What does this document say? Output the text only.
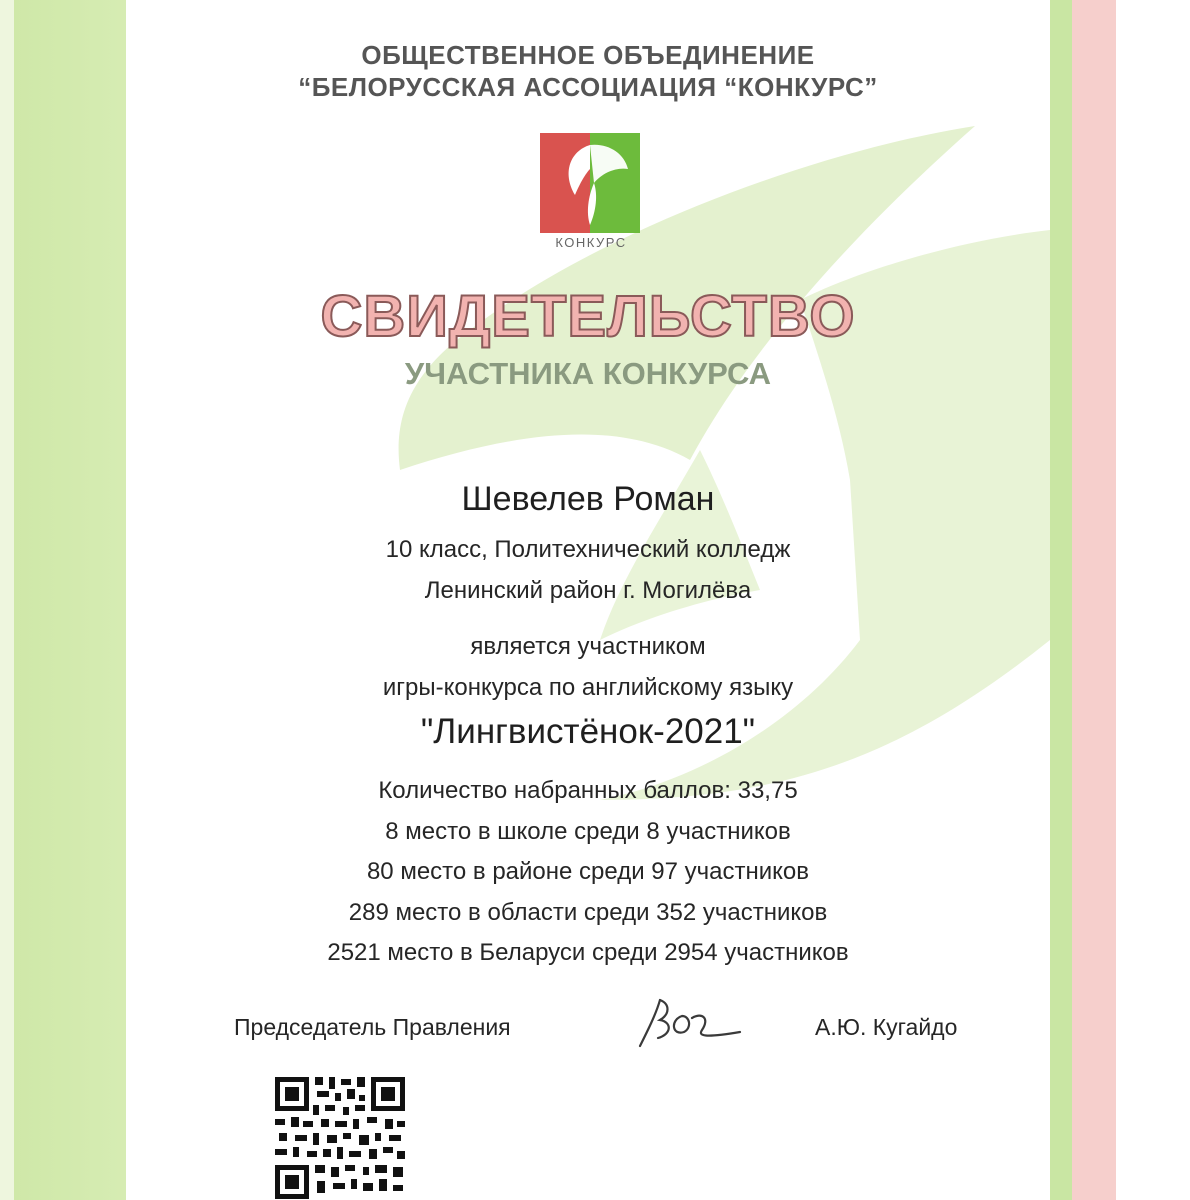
ОБЩЕСТВЕННОЕ ОБЪЕДИНЕНИЕ
“БЕЛОРУССКАЯ АССОЦИАЦИЯ “КОНКУРС”
КОНКУРС
СВИДЕТЕЛЬСТВО
УЧАСТНИКА КОНКУРСА
Шевелев Роман
10 класс, Политехнический колледж
Ленинский район г. Могилёва
является участником
игры-конкурса по английскому языку
"Лингвистёнок-2021"
Количество набранных баллов: 33,75
8 место в школе среди 8 участников
80 место в районе среди 97 участников
289 место в области среди 352 участников
2521 место в Беларуси среди 2954 участников
Председатель Правления	А.Ю. Кугайдо
